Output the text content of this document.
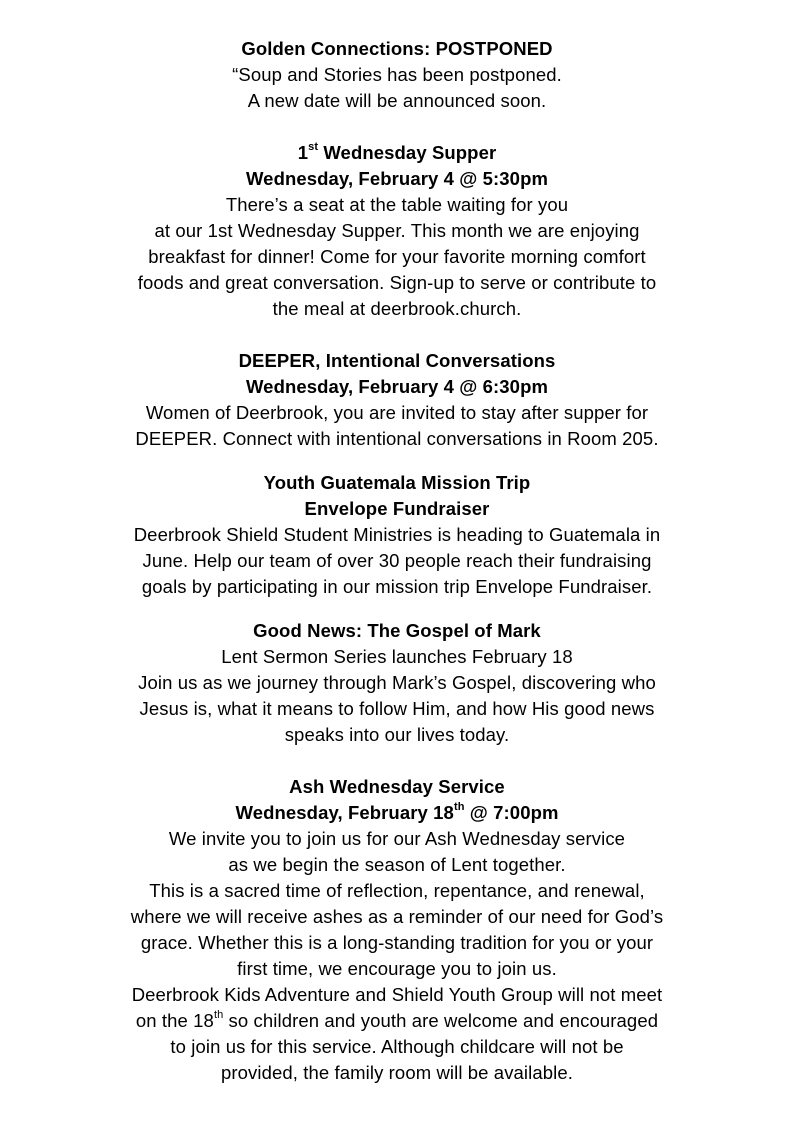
Golden Connections: POSTPONED
“Soup and Stories has been postponed.
A new date will be announced soon.
1st Wednesday Supper
Wednesday, February 4 @ 5:30pm
There’s a seat at the table waiting for you
at our 1st Wednesday Supper. This month we are enjoying
breakfast for dinner! Come for your favorite morning comfort
foods and great conversation. Sign-up to serve or contribute to
the meal at deerbrook.church.
DEEPER, Intentional Conversations
Wednesday, February 4 @ 6:30pm
Women of Deerbrook, you are invited to stay after supper for
DEEPER. Connect with intentional conversations in Room 205.
Youth Guatemala Mission Trip
Envelope Fundraiser
Deerbrook Shield Student Ministries is heading to Guatemala in
June. Help our team of over 30 people reach their fundraising
goals by participating in our mission trip Envelope Fundraiser.
Good News: The Gospel of Mark
Lent Sermon Series launches February 18
Join us as we journey through Mark’s Gospel, discovering who
Jesus is, what it means to follow Him, and how His good news
speaks into our lives today.
Ash Wednesday Service
Wednesday, February 18th @ 7:00pm
We invite you to join us for our Ash Wednesday service
as we begin the season of Lent together.
This is a sacred time of reflection, repentance, and renewal,
where we will receive ashes as a reminder of our need for God’s
grace. Whether this is a long-standing tradition for you or your
first time, we encourage you to join us.
Deerbrook Kids Adventure and Shield Youth Group will not meet
on the 18th so children and youth are welcome and encouraged
to join us for this service. Although childcare will not be
provided, the family room will be available.
